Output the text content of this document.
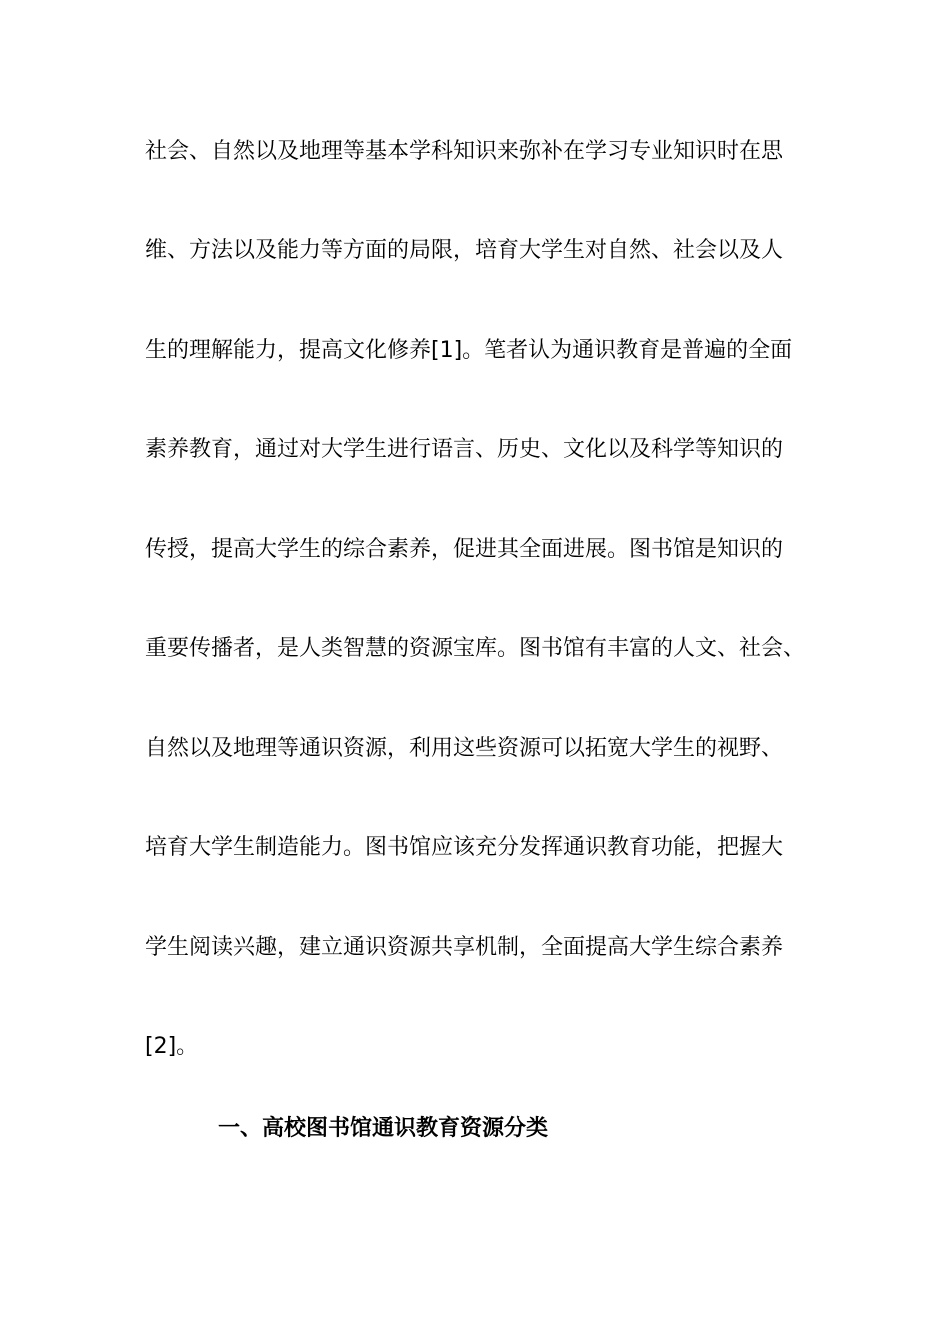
社会、自然以及地理等基本学科知识来弥补在学习专业知识时在思

维、方法以及能力等方面的局限，培育大学生对自然、社会以及人

生的理解能力，提高文化修养[1]。笔者认为通识教育是普遍的全面

素养教育，通过对大学生进行语言、历史、文化以及科学等知识的

传授，提高大学生的综合素养，促进其全面进展。图书馆是知识的

重要传播者，是人类智慧的资源宝库。图书馆有丰富的人文、社会、

自然以及地理等通识资源，利用这些资源可以拓宽大学生的视野、

培育大学生制造能力。图书馆应该充分发挥通识教育功能，把握大

学生阅读兴趣，建立通识资源共享机制，全面提高大学生综合素养

[2]。

一、高校图书馆通识教育资源分类
